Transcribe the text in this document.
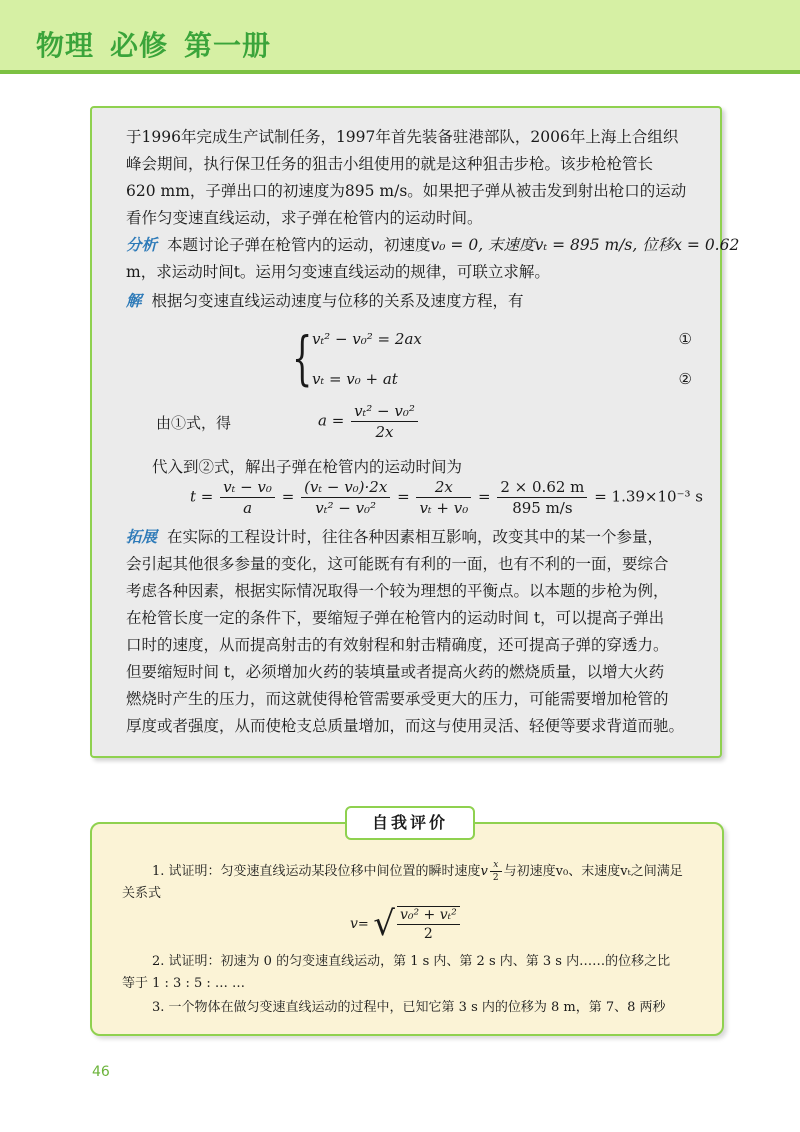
物理 必修 第一册

于1996年完成生产试制任务，1997年首先装备驻港部队，2006年上海上合组织

峰会期间，执行保卫任务的狙击小组使用的就是这种狙击步枪。该步枪枪管长

620 mm，子弹出口的初速度为895 m/s。如果把子弹从被击发到射出枪口的运动

看作匀变速直线运动，求子弹在枪管内的运动时间。

分析 本题讨论子弹在枪管内的运动，初速度v₀ = 0, 末速度vₜ = 895 m/s, 位移x = 0.62

m，求运动时间t。运用匀变速直线运动的规律，可联立求解。

解 根据匀变速直线运动速度与位移的关系及速度方程，有

{ vₜ² − v₀² = 2ax	①
vₜ = v₀ + at	②
由①式，得	$a = \frac{\text{vₜ² − v₀²}}{2x}$

代入到②式，解出子弹在枪管内的运动时间为

$t = \frac{\text{vₜ − v₀}}{a} = \frac{\text{(vₜ − v₀)·2x}}{\text{vₜ² − v₀²}} = \frac{2x}{\text{vₜ + v₀}} = \frac{2 \times 0.62 m}{895 m/s} = 1.39\times 10^{-3}$ s

拓展 在实际的工程设计时，往往各种因素相互影响，改变其中的某一个参量，

会引起其他很多参量的变化，这可能既有有利的一面，也有不利的一面，要综合

考虑各种因素，根据实际情况取得一个较为理想的平衡点。以本题的步枪为例，

在枪管长度一定的条件下，要缩短子弹在枪管内的运动时间 t，可以提高子弹出

口时的速度，从而提高射击的有效射程和射击精确度，还可提高子弹的穿透力。

但要缩短时间 t，必须增加火药的装填量或者提高火药的燃烧质量，以增大火药

燃烧时产生的压力，而这就使得枪管需要承受更大的压力，可能需要增加枪管的

厚度或者强度，从而使枪支总质量增加，而这与使用灵活、轻便等要求背道而驰。

1. 试证明：匀变速直线运动某段位移中间位置的瞬时速度v $\frac{x}{2}$ 与初速度v₀、末速度vₜ之间满足
关系式
v= √ $\frac{\text{v₀² + vₜ²}}{2}$
2. 试证明：初速为 0 的匀变速直线运动，第 1 s 内、第 2 s 内、第 3 s 内……的位移之比
等于 1 : 3 : 5 : … …
3. 一个物体在做匀变速直线运动的过程中，已知它第 3 s 内的位移为 8 m，第 7、8 两秒
自我评价
46
